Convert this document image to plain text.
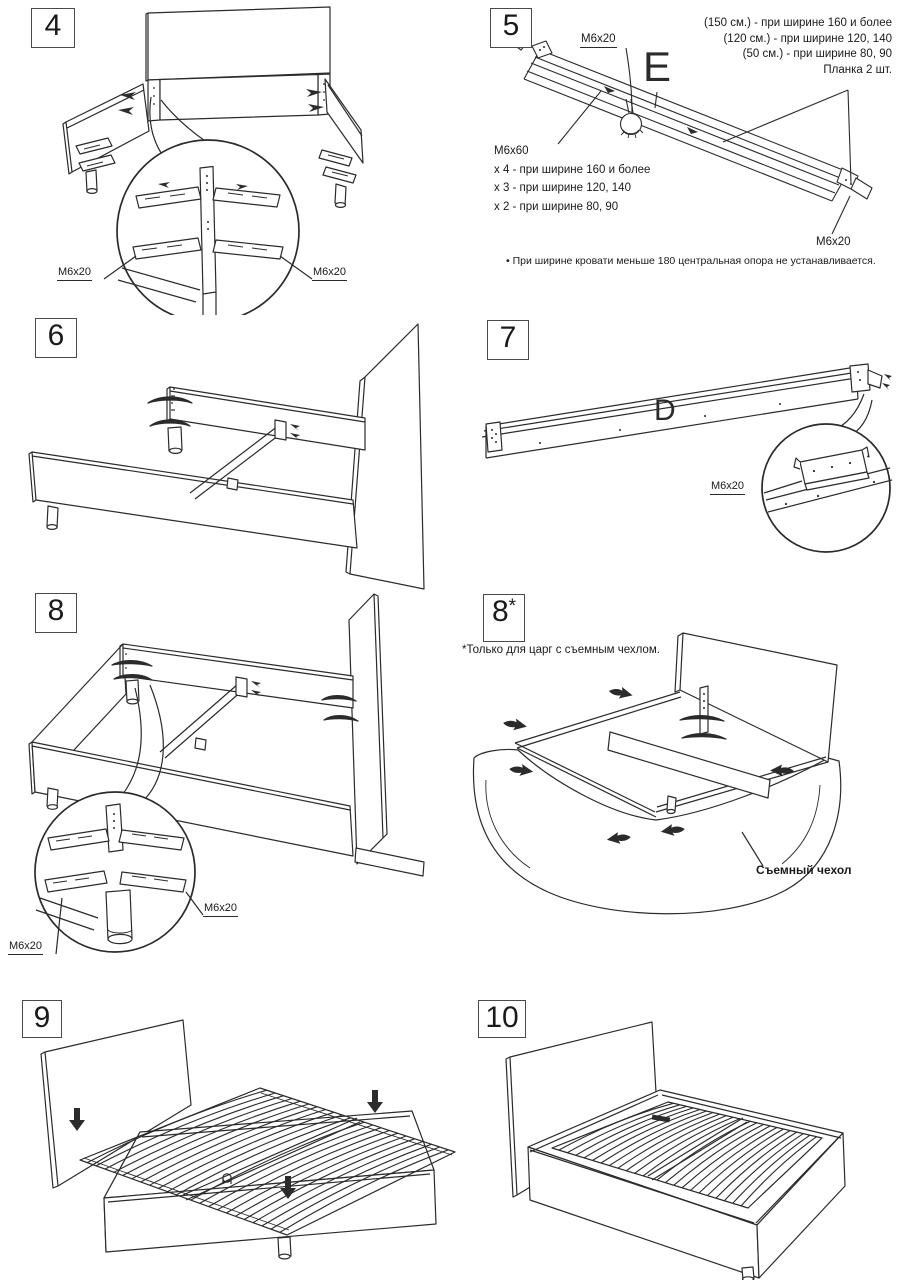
4
M6x20	M6x20
5	M6x20
E
(150 см.) - при ширине 160 и более
(120 см.) - при ширине 120, 140
(50 см.) - при ширине 80, 90
Планка 2 шт.
M6x60
x 4 - при ширине 160 и более
x 3 - при ширине 120, 140
x 2 - при ширине 80, 90
M6x20
• При ширине кровати меньше 180 центральная опора не устанавливается.
6	7
D
M6x20
8
M6x20
M6x20
8*
*Только для царг с съемным чехлом.
Съемный чехол
9	10
